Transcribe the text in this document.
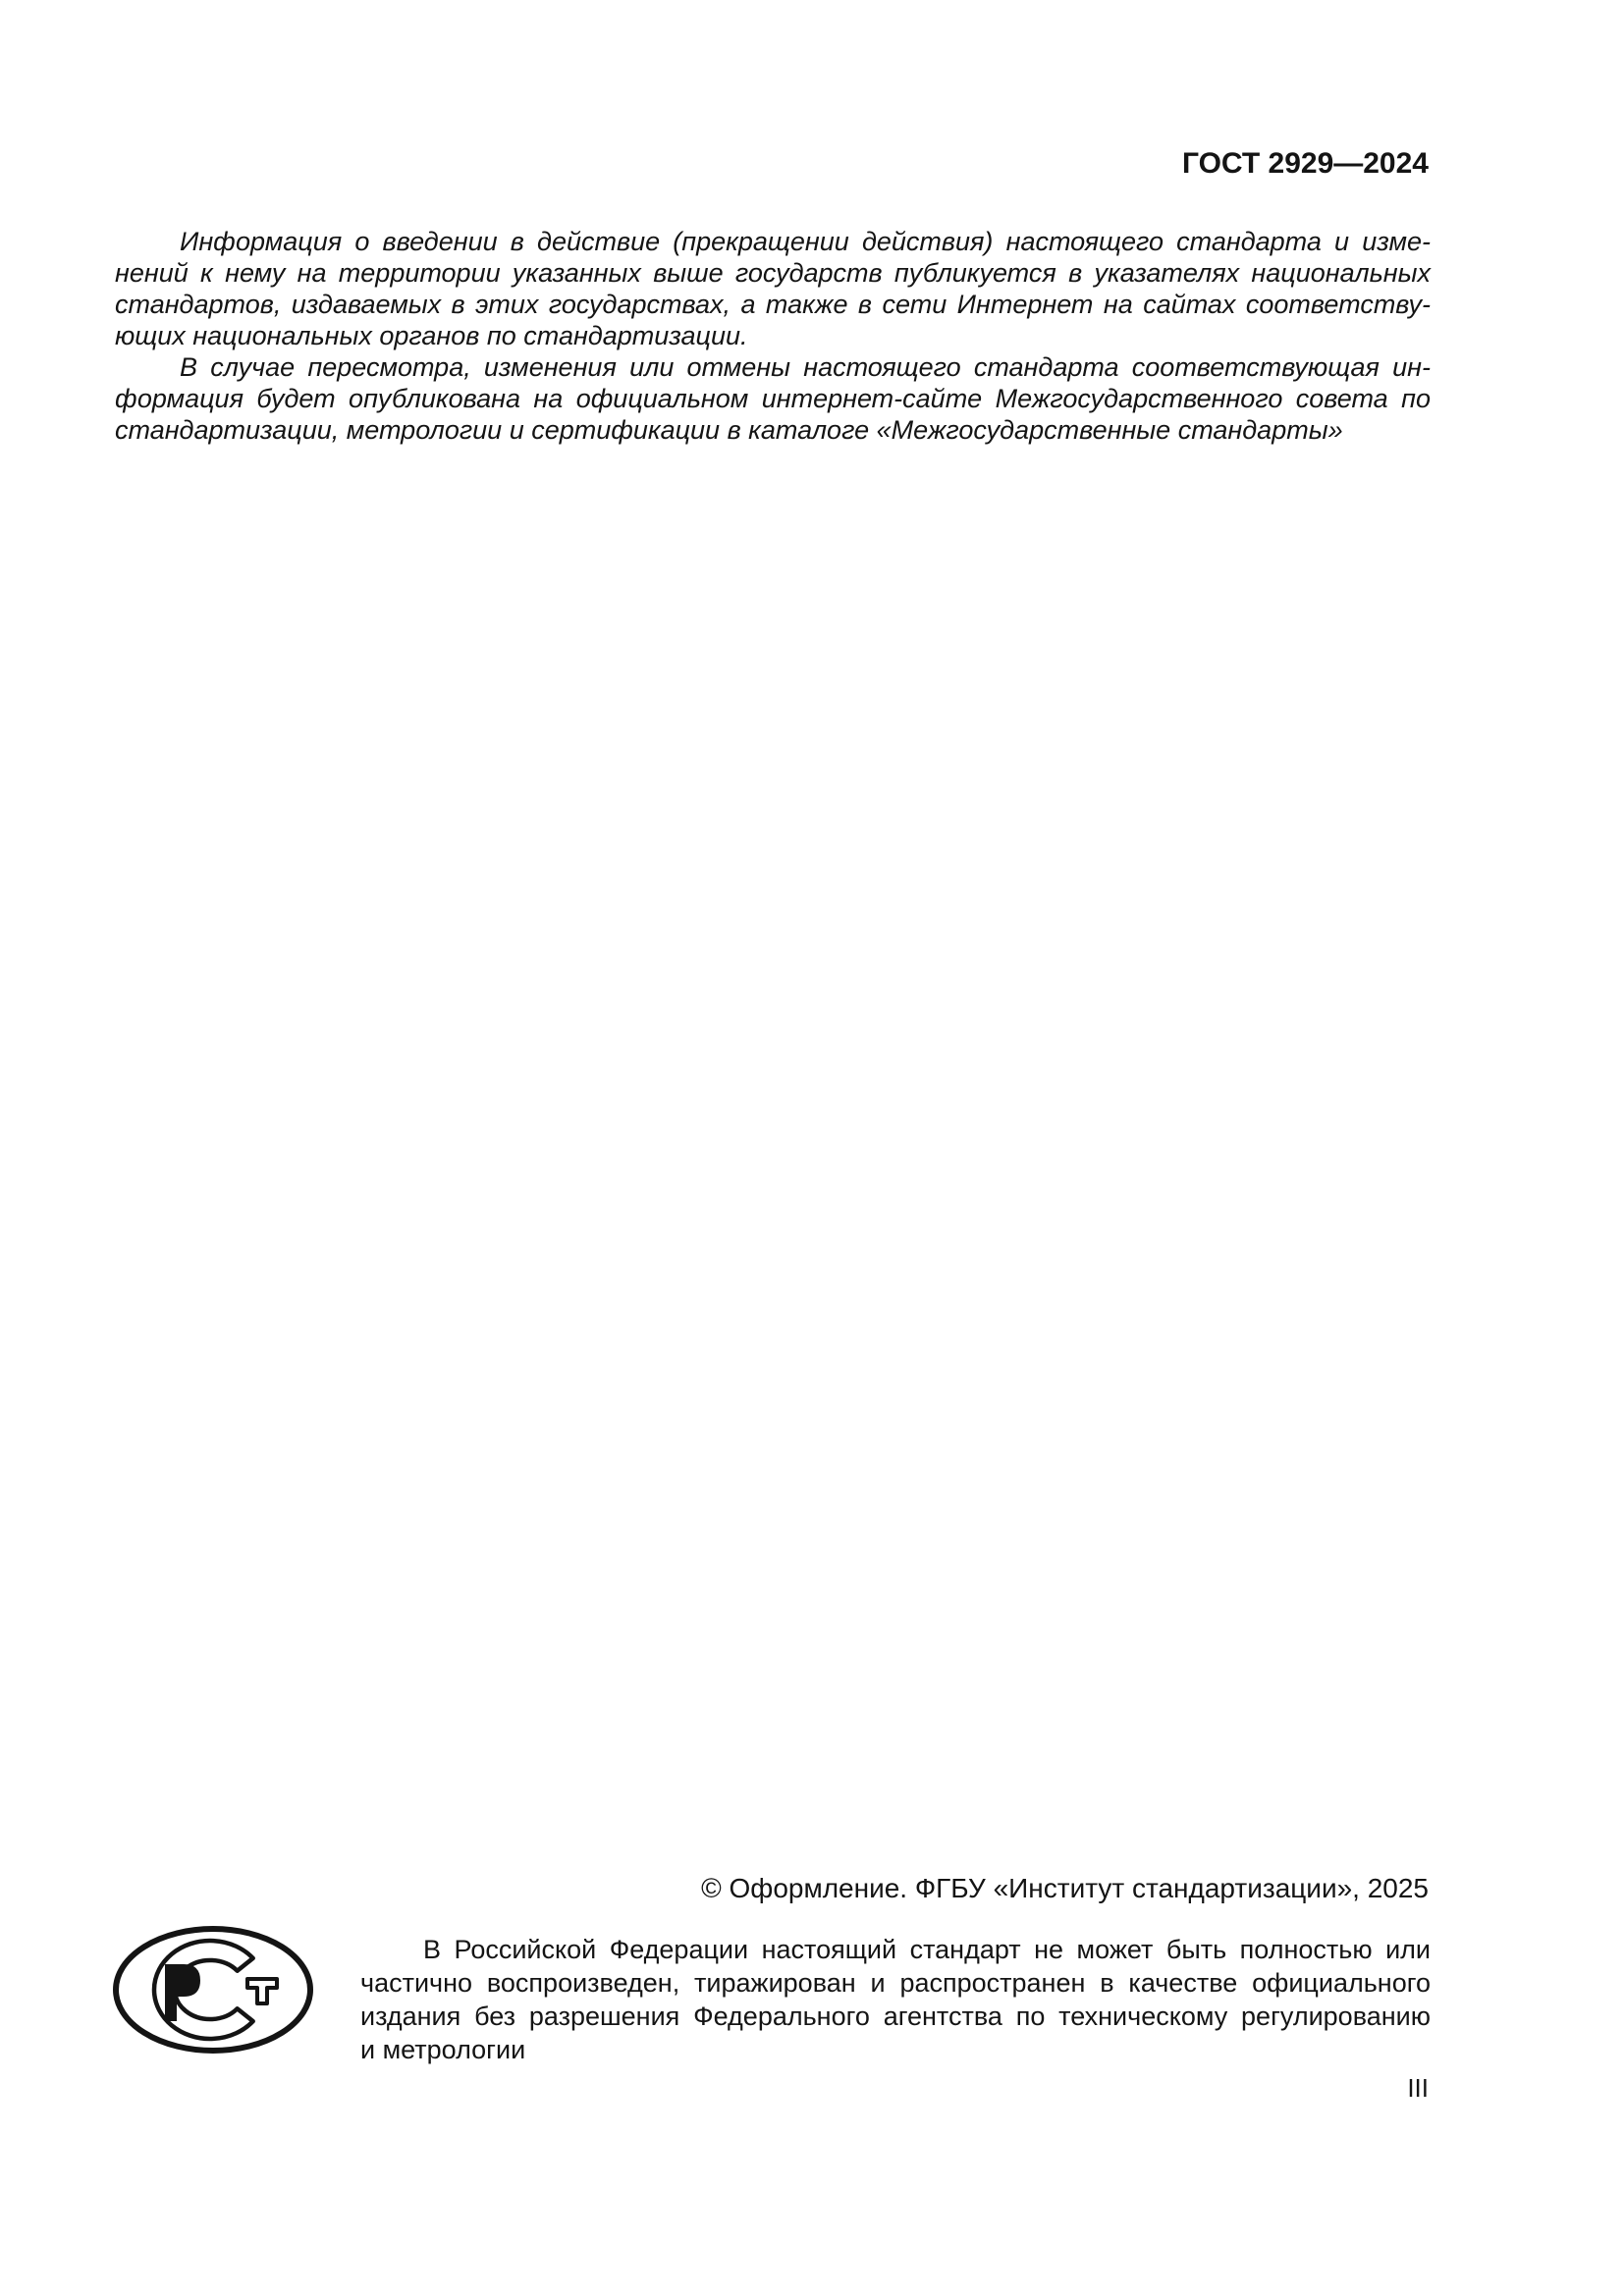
ГОСТ 2929—2024
Информация о введении в действие (прекращении действия) настоящего стандарта и изме-
нений к нему на территории указанных выше государств публикуется в указателях национальных
стандартов, издаваемых в этих государствах, а также в сети Интернет на сайтах соответству-
ющих национальных органов по стандартизации.
В случае пересмотра, изменения или отмены настоящего стандарта соответствующая ин-
формация будет опубликована на официальном интернет-сайте Межгосударственного совета по
стандартизации, метрологии и сертификации в каталоге «Межгосударственные стандарты»
© Оформление. ФГБУ «Институт стандартизации», 2025
В Российской Федерации настоящий стандарт не может быть полностью или
частично воспроизведен, тиражирован и распространен в качестве официального
издания без разрешения Федерального агентства по техническому регулированию
и метрологии
III
